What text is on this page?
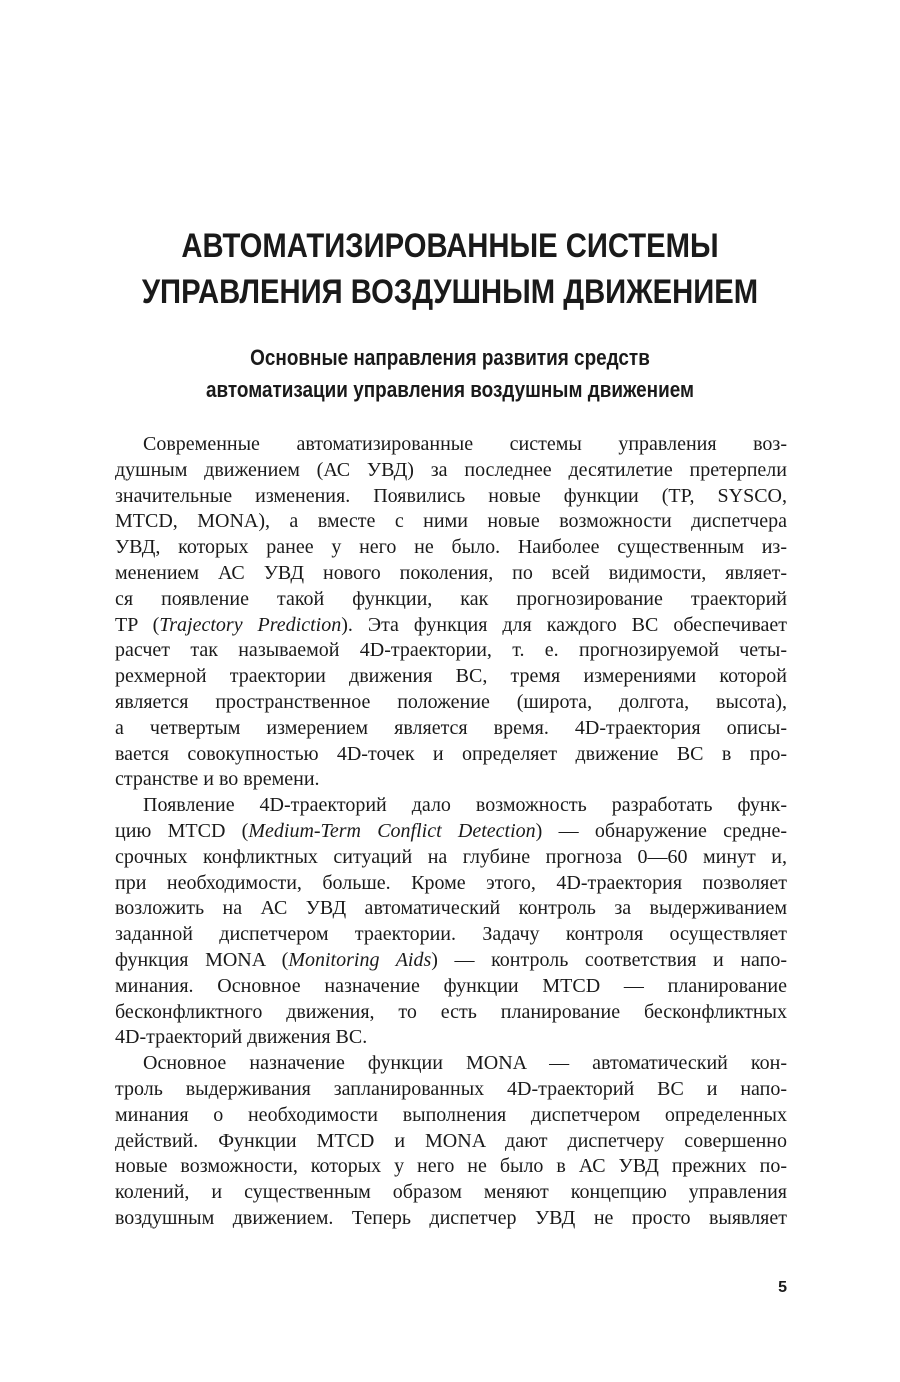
АВТОМАТИЗИРОВАННЫЕ СИСТЕМЫ
УПРАВЛЕНИЯ ВОЗДУШНЫМ ДВИЖЕНИЕМ
Основные направления развития средств
автоматизации управления воздушным движением
Современные автоматизированные системы управления воз-
душным движением (АС УВД) за последнее десятилетие претерпели
значительные изменения. Появились новые функции (TP, SYSCO,
MTCD, MONA), а вместе с ними новые возможности диспетчера
УВД, которых ранее у него не было. Наиболее существенным из-
менением АС УВД нового поколения, по всей видимости, являет-
ся появление такой функции, как прогнозирование траекторий
TP (Trajectory Prediction). Эта функция для каждого ВС обеспечивает
расчет так называемой 4D-траектории, т. е. прогнозируемой четы-
рехмерной траектории движения ВС, тремя измерениями которой
является пространственное положение (широта, долгота, высота),
а четвертым измерением является время. 4D-траектория описы-
вается совокупностью 4D-точек и определяет движение ВС в про-
странстве и во времени.
Появление 4D-траекторий дало возможность разработать функ-
цию MTCD (Medium-Term Conflict Detection) — обнаружение средне-
срочных конфликтных ситуаций на глубине прогноза 0—60 минут и,
при необходимости, больше. Кроме этого, 4D-траектория позволяет
возложить на АС УВД автоматический контроль за выдерживанием
заданной диспетчером траектории. Задачу контроля осуществляет
функция MONA (Monitoring Aids) — контроль соответствия и напо-
минания. Основное назначение функции MTCD — планирование
бесконфликтного движения, то есть планирование бесконфликтных
4D-траекторий движения ВС.
Основное назначение функции MONA — автоматический кон-
троль выдерживания запланированных 4D-траекторий ВС и напо-
минания о необходимости выполнения диспетчером определенных
действий. Функции MTCD и MONA дают диспетчеру совершенно
новые возможности, которых у него не было в АС УВД прежних по-
колений, и существенным образом меняют концепцию управления
воздушным движением. Теперь диспетчер УВД не просто выявляет
5
